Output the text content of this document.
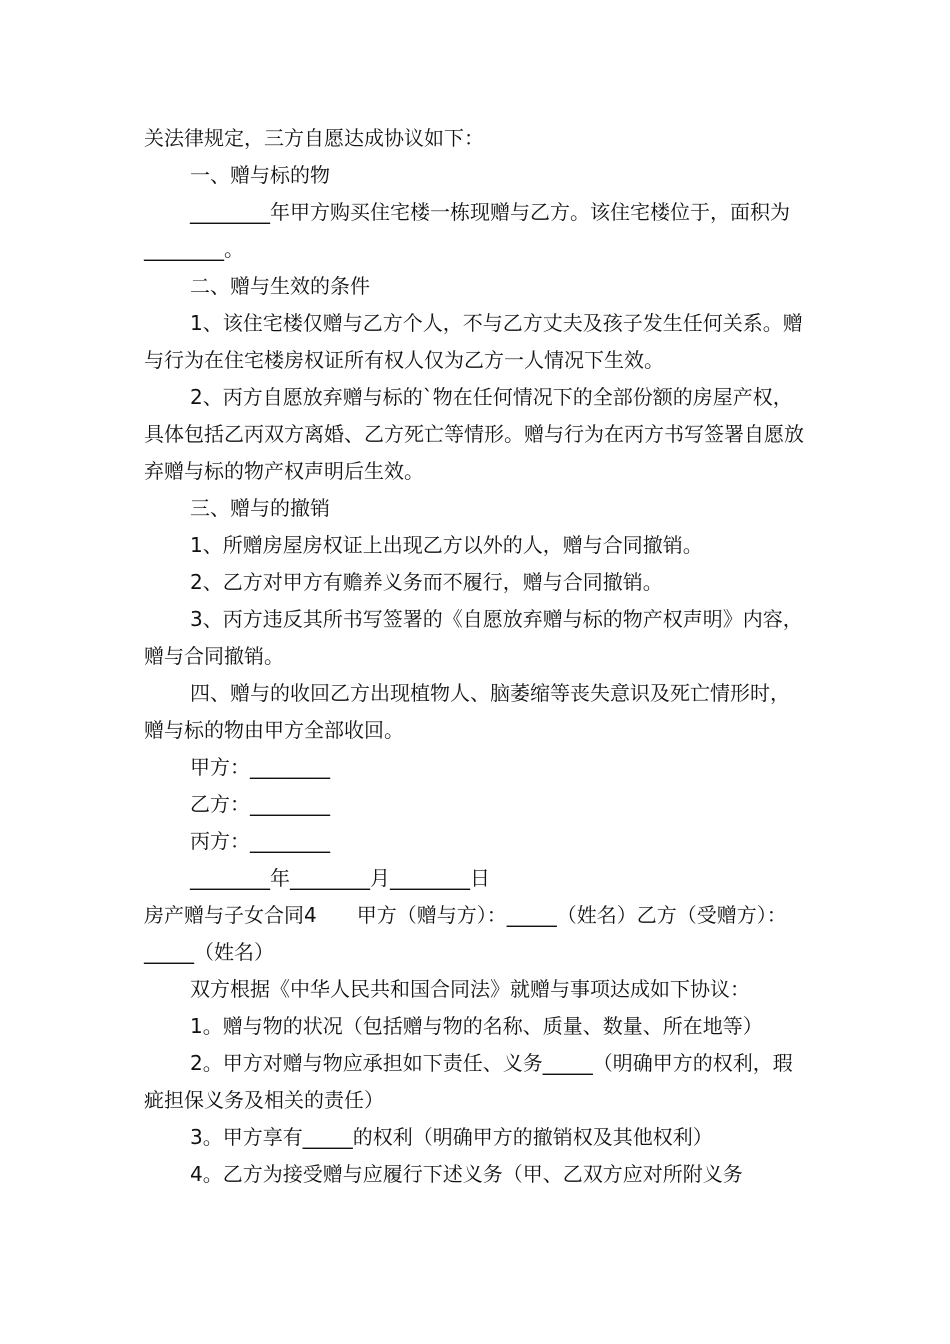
关法律规定，三方自愿达成协议如下：

一、赠与标的物

________年甲方购买住宅楼一栋现赠与乙方。该住宅楼位于，面积为________。

二、赠与生效的条件

1、该住宅楼仅赠与乙方个人，不与乙方丈夫及孩子发生任何关系。赠与行为在住宅楼房权证所有权人仅为乙方一人情况下生效。

2、丙方自愿放弃赠与标的`物在任何情况下的全部份额的房屋产权，具体包括乙丙双方离婚、乙方死亡等情形。赠与行为在丙方书写签署自愿放弃赠与标的物产权声明后生效。

三、赠与的撤销

1、所赠房屋房权证上出现乙方以外的人，赠与合同撤销。

2、乙方对甲方有赡养义务而不履行，赠与合同撤销。

3、丙方违反其所书写签署的《自愿放弃赠与标的物产权声明》内容，赠与合同撤销。

四、赠与的收回乙方出现植物人、脑萎缩等丧失意识及死亡情形时，赠与标的物由甲方全部收回。

甲方：________

乙方：________

丙方：________

________年________月________日

房产赠与子女合同4　　甲方（赠与方）：_____（姓名）乙方（受赠方）：_____（姓名）

双方根据《中华人民共和国合同法》就赠与事项达成如下协议：

1。赠与物的状况（包括赠与物的名称、质量、数量、所在地等）

2。甲方对赠与物应承担如下责任、义务_____（明确甲方的权利，瑕疵担保义务及相关的责任）

3。甲方享有_____的权利（明确甲方的撤销权及其他权利）

4。乙方为接受赠与应履行下述义务（甲、乙双方应对所附义务
